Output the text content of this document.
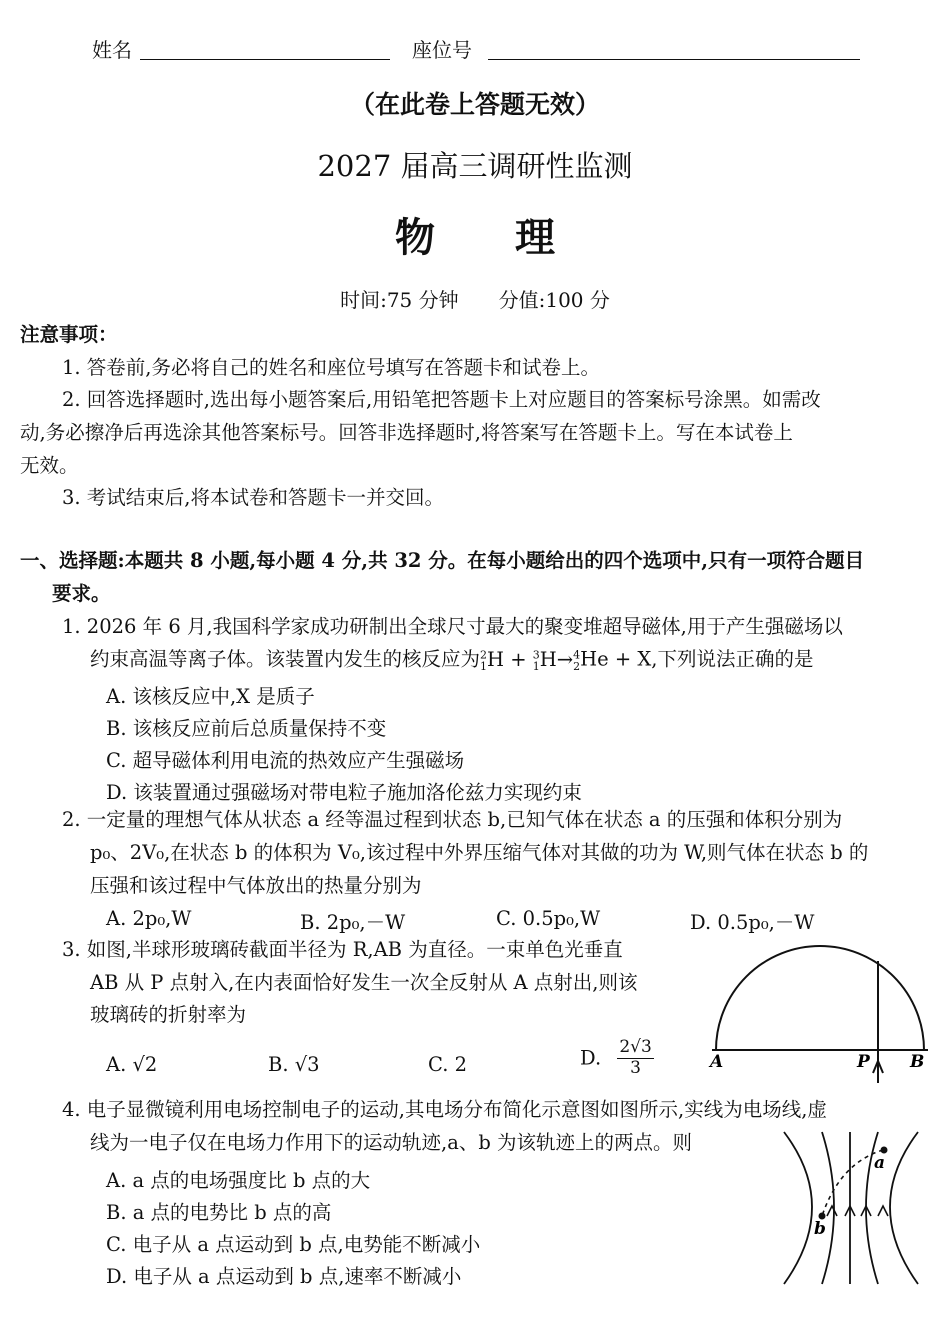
姓名	座位号
（在此卷上答题无效）
2027 届高三调研性监测
物　　理
时间:75 分钟　　分值:100 分
注意事项：
1. 答卷前,务必将自己的姓名和座位号填写在答题卡和试卷上。
2. 回答选择题时,选出每小题答案后,用铅笔把答题卡上对应题目的答案标号涂黑。如需改
动,务必擦净后再选涂其他答案标号。回答非选择题时,将答案写在答题卡上。写在本试卷上
无效。
3. 考试结束后,将本试卷和答题卡一并交回。
一、选择题:本题共 8 小题,每小题 4 分,共 32 分。在每小题给出的四个选项中,只有一项符合题目
要求。
1. 2026 年 6 月,我国科学家成功研制出全球尺寸最大的聚变堆超导磁体,用于产生强磁场以
约束高温等离子体。该装置内发生的核反应为$^2_1$H + $^3_1$H→$^4_2$He + X,下列说法正确的是
A. 该核反应中,X 是质子
B. 该核反应前后总质量保持不变
C. 超导磁体利用电流的热效应产生强磁场
D. 该装置通过强磁场对带电粒子施加洛伦兹力实现约束
2. 一定量的理想气体从状态 a 经等温过程到状态 b,已知气体在状态 a 的压强和体积分别为
p₀、2V₀,在状态 b 的体积为 V₀,该过程中外界压缩气体对其做的功为 W,则气体在状态 b 的
压强和该过程中气体放出的热量分别为
A. 2p₀,W	B. 2p₀,－W	C. 0.5p₀,W	D. 0.5p₀,－W
3. 如图,半球形玻璃砖截面半径为 R,AB 为直径。一束单色光垂直
AB 从 P 点射入,在内表面恰好发生一次全反射从 A 点射出,则该
玻璃砖的折射率为
A. √2	B. √3	C. 2	D. $\frac{2√3}{3}$	A	P B
4. 电子显微镜利用电场控制电子的运动,其电场分布简化示意图如图所示,实线为电场线,虚
线为一电子仅在电场力作用下的运动轨迹,a、b 为该轨迹上的两点。则
A. a 点的电场强度比 b 点的大
B. a 点的电势比 b 点的高
C. 电子从 a 点运动到 b 点,电势能不断减小
D. 电子从 a 点运动到 b 点,速率不断减小
a
b
